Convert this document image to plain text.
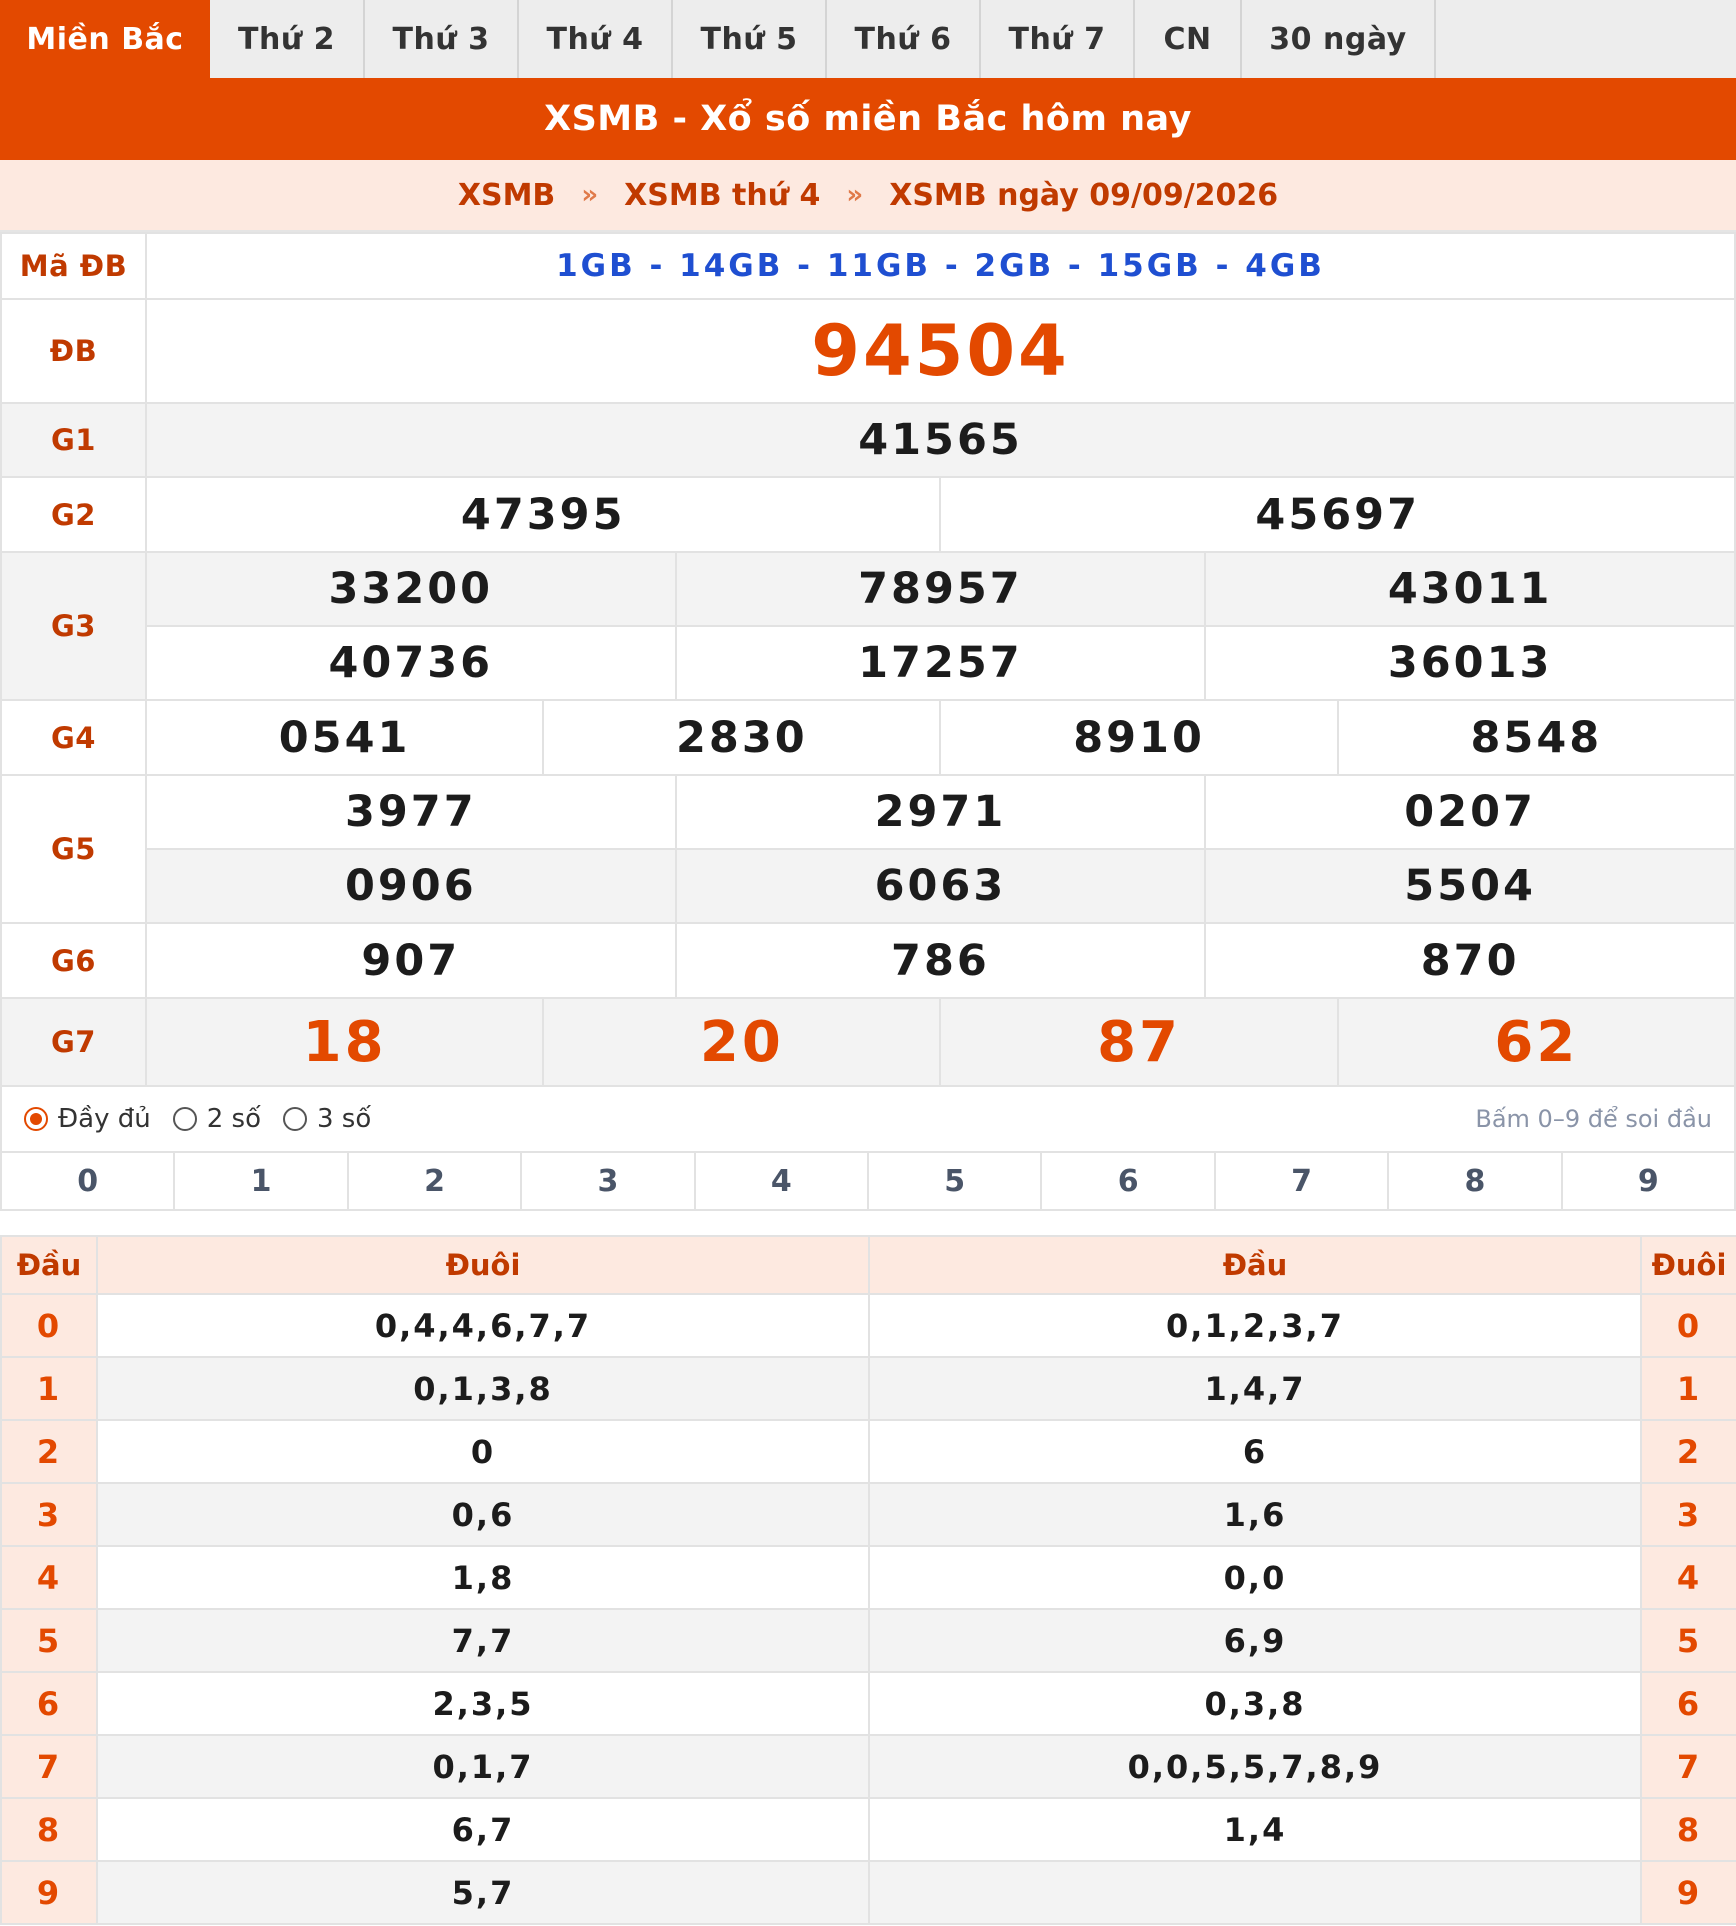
Miền Bắc	Thứ 2	Thứ 3	Thứ 4	Thứ 5	Thứ 6	Thứ 7	CN	30 ngày
XSMB - Xổ số miền Bắc hôm nay
XSMB » XSMB thứ 4 » XSMB ngày 09/09/2026
Mã ĐB	1GB - 14GB - 11GB - 2GB - 15GB - 4GB					
ĐB	94504					
G1	41565					
G2	47395			45697		
G3	33200		78957		43011	
	40736		17257		36013	
G4	0541	2830		8910		8548
G5	3977		2971		0207	
	0906		6063		5504	
G6	907		786		870	
G7	18	20		87		62
Đầy đủ 2 số 3 số	Bấm 0–9 để soi đầu
0	1	2	3	4	5	6	7	8	9
Đầu	Đuôi	Đầu	Đuôi
0	0,4,4,6,7,7	0,1,2,3,7	0
1	0,1,3,8	1,4,7	1
2	0	6	2
3	0,6	1,6	3
4	1,8	0,0	4
5	7,7	6,9	5
6	2,3,5	0,3,8	6
7	0,1,7	0,0,5,5,7,8,9	7
8	6,7	1,4	8
9	5,7		9
